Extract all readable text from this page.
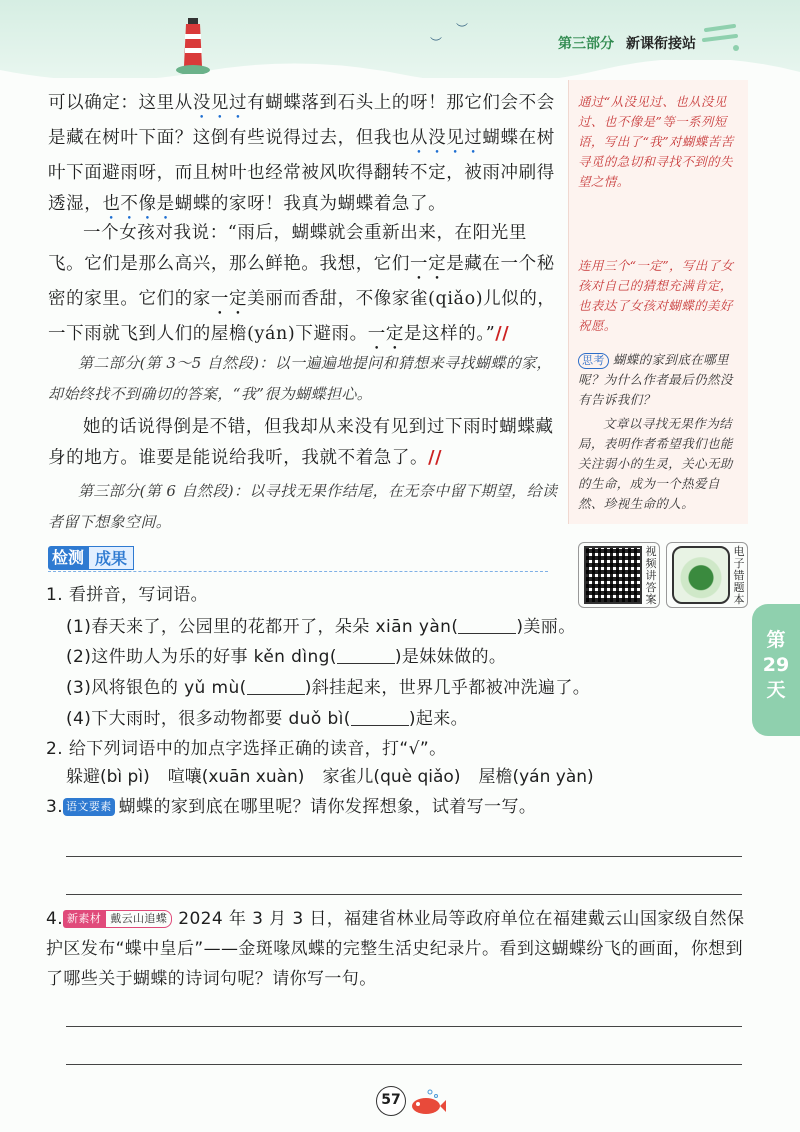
︶
︶
第三部分 新课衔接站
通过“从没见过、也从没见过、也不像是”等一系列短语，写出了“我”对蝴蝶苦苦寻觅的急切和寻找不到的失望之情。
连用三个“一定”，写出了女孩对自己的猜想充满肯定，也表达了女孩对蝴蝶的美好祝愿。
思考 蝴蝶的家到底在哪里呢？为什么作者最后仍然没有告诉我们？
文章以寻找无果作为结局，表明作者希望我们也能关注弱小的生灵，关心无助的生命，成为一个热爱自然、珍视生命的人。
可以确定：这里从没见过有蝴蝶落到石头上的呀！那它们会不会是藏在树叶下面？这倒有些说得过去，但我也从没见过蝴蝶在树叶下面避雨呀，而且树叶也经常被风吹得翻转不定，被雨冲刷得透湿，也不像是蝴蝶的家呀！我真为蝴蝶着急了。
一个女孩对我说：“雨后，蝴蝶就会重新出来，在阳光里飞。它们是那么高兴，那么鲜艳。我想，它们一定是藏在一个秘密的家里。它们的家一定美丽而香甜，不像家雀(qiǎo)儿似的，一下雨就飞到人们的屋檐(yán)下避雨。一定是这样的。”//
第二部分(第 3～5 自然段)：以一遍遍地提问和猜想来寻找蝴蝶的家，却始终找不到确切的答案，“我”很为蝴蝶担心。
她的话说得倒是不错，但我却从来没有见到过下雨时蝴蝶藏身的地方。谁要是能说给我听，我就不着急了。//
第三部分(第 6 自然段)：以寻找无果作结尾，在无奈中留下期望，给读者留下想象空间。
检测 成果	视频讲答案
电子错题本
第
29
天
1. 看拼音，写词语。
(1)春天来了，公园里的花都开了，朵朵 xiān yàn(	)美丽。
(2)这件助人为乐的好事 kěn dìng(	)是妹妹做的。
(3)风将银色的 yǔ mù(	)斜挂起来，世界几乎都被冲洗遍了。
(4)下大雨时，很多动物都要 duǒ bì(	)起来。
2. 给下列词语中的加点字选择正确的读音，打“√”。
躲避(bì pì) 喧嚷(xuān xuàn) 家雀儿(què qiǎo) 屋檐(yán yàn)
3. 语文要素 蝴蝶的家到底在哪里呢？请你发挥想象，试着写一写。
4. 新素材 戴云山追蝶 2024 年 3 月 3 日，福建省林业局等政府单位在福建戴云山国家级自然保护区发布“蝶中皇后”——金斑喙凤蝶的完整生活史纪录片。看到这蝴蝶纷飞的画面，你想到了哪些关于蝴蝶的诗词句呢？请你写一句。
57
